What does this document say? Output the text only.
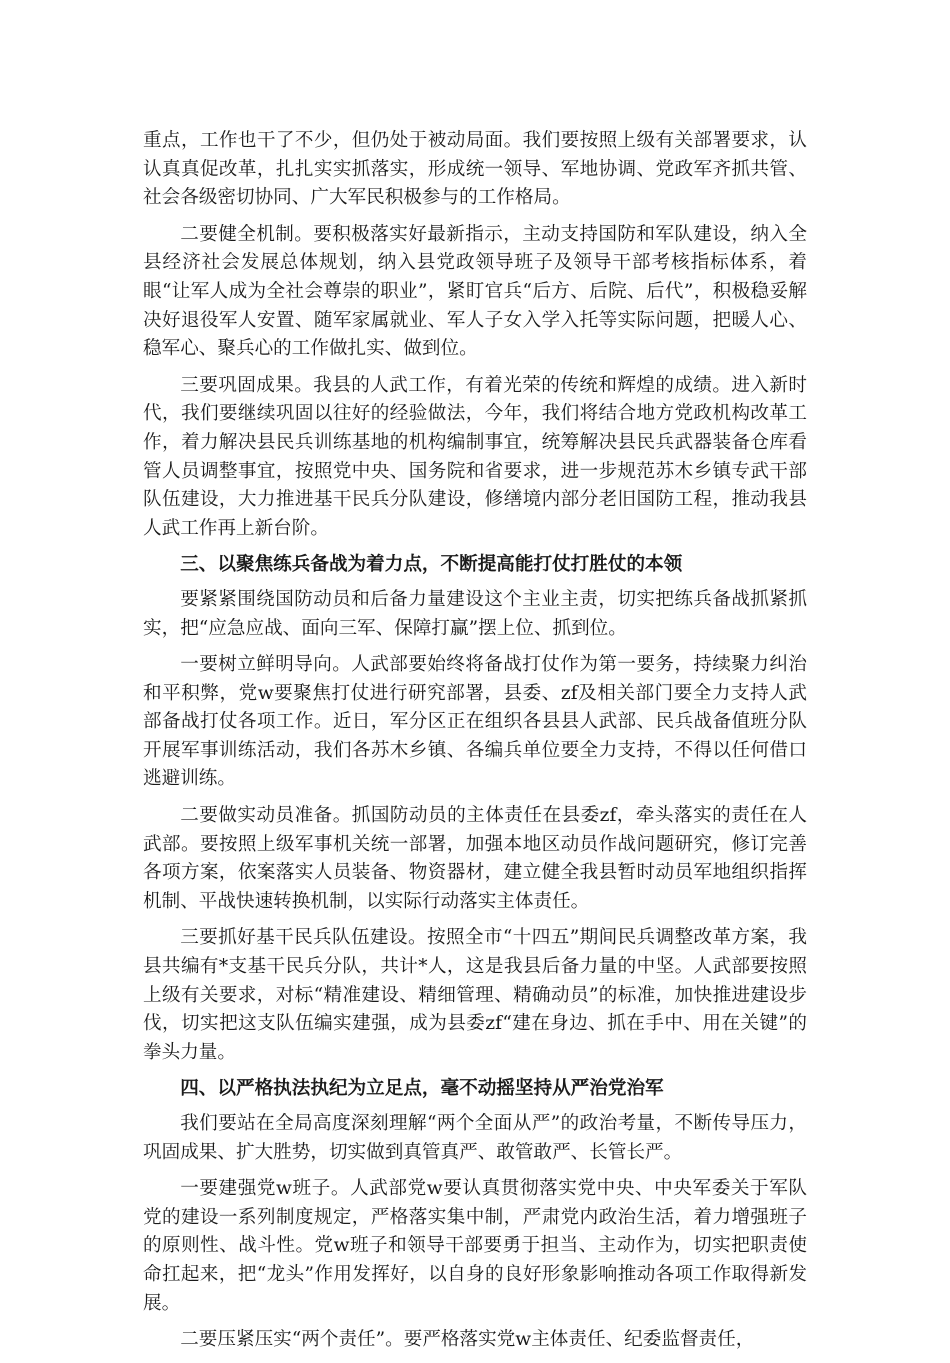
重点，工作也干了不少，但仍处于被动局面。我们要按照上级有关部署要求，认认真真促改革，扎扎实实抓落实，形成统一领导、军地协调、党政军齐抓共管、社会各级密切协同、广大军民积极参与的工作格局。

二要健全机制。要积极落实好最新指示，主动支持国防和军队建设，纳入全县经济社会发展总体规划，纳入县党政领导班子及领导干部考核指标体系，着眼“让军人成为全社会尊崇的职业”，紧盯官兵“后方、后院、后代”，积极稳妥解决好退役军人安置、随军家属就业、军人子女入学入托等实际问题，把暖人心、稳军心、聚兵心的工作做扎实、做到位。

三要巩固成果。我县的人武工作，有着光荣的传统和辉煌的成绩。进入新时代，我们要继续巩固以往好的经验做法，今年，我们将结合地方党政机构改革工作，着力解决县民兵训练基地的机构编制事宜，统筹解决县民兵武器装备仓库看管人员调整事宜，按照党中央、国务院和省要求，进一步规范苏木乡镇专武干部队伍建设，大力推进基干民兵分队建设，修缮境内部分老旧国防工程，推动我县人武工作再上新台阶。

三、以聚焦练兵备战为着力点，不断提高能打仗打胜仗的本领

要紧紧围绕国防动员和后备力量建设这个主业主责，切实把练兵备战抓紧抓实，把“应急应战、面向三军、保障打赢”摆上位、抓到位。

一要树立鲜明导向。人武部要始终将备战打仗作为第一要务，持续聚力纠治和平积弊，党w要聚焦打仗进行研究部署，县委、zf及相关部门要全力支持人武部备战打仗各项工作。近日，军分区正在组织各县县人武部、民兵战备值班分队开展军事训练活动，我们各苏木乡镇、各编兵单位要全力支持，不得以任何借口逃避训练。

二要做实动员准备。抓国防动员的主体责任在县委zf，牵头落实的责任在人武部。要按照上级军事机关统一部署，加强本地区动员作战问题研究，修订完善各项方案，依案落实人员装备、物资器材，建立健全我县暂时动员军地组织指挥机制、平战快速转换机制，以实际行动落实主体责任。

三要抓好基干民兵队伍建设。按照全市“十四五”期间民兵调整改革方案，我县共编有*支基干民兵分队，共计*人，这是我县后备力量的中坚。人武部要按照上级有关要求，对标“精准建设、精细管理、精确动员”的标准，加快推进建设步伐，切实把这支队伍编实建强，成为县委zf“建在身边、抓在手中、用在关键”的拳头力量。

四、以严格执法执纪为立足点，毫不动摇坚持从严治党治军

我们要站在全局高度深刻理解“两个全面从严”的政治考量，不断传导压力，巩固成果、扩大胜势，切实做到真管真严、敢管敢严、长管长严。

一要建强党w班子。人武部党w要认真贯彻落实党中央、中央军委关于军队党的建设一系列制度规定，严格落实集中制，严肃党内政治生活，着力增强班子的原则性、战斗性。党w班子和领导干部要勇于担当、主动作为，切实把职责使命扛起来，把“龙头”作用发挥好，以自身的良好形象影响推动各项工作取得新发展。

二要压紧压实“两个责任”。要严格落实党w主体责任、纪委监督责任，
